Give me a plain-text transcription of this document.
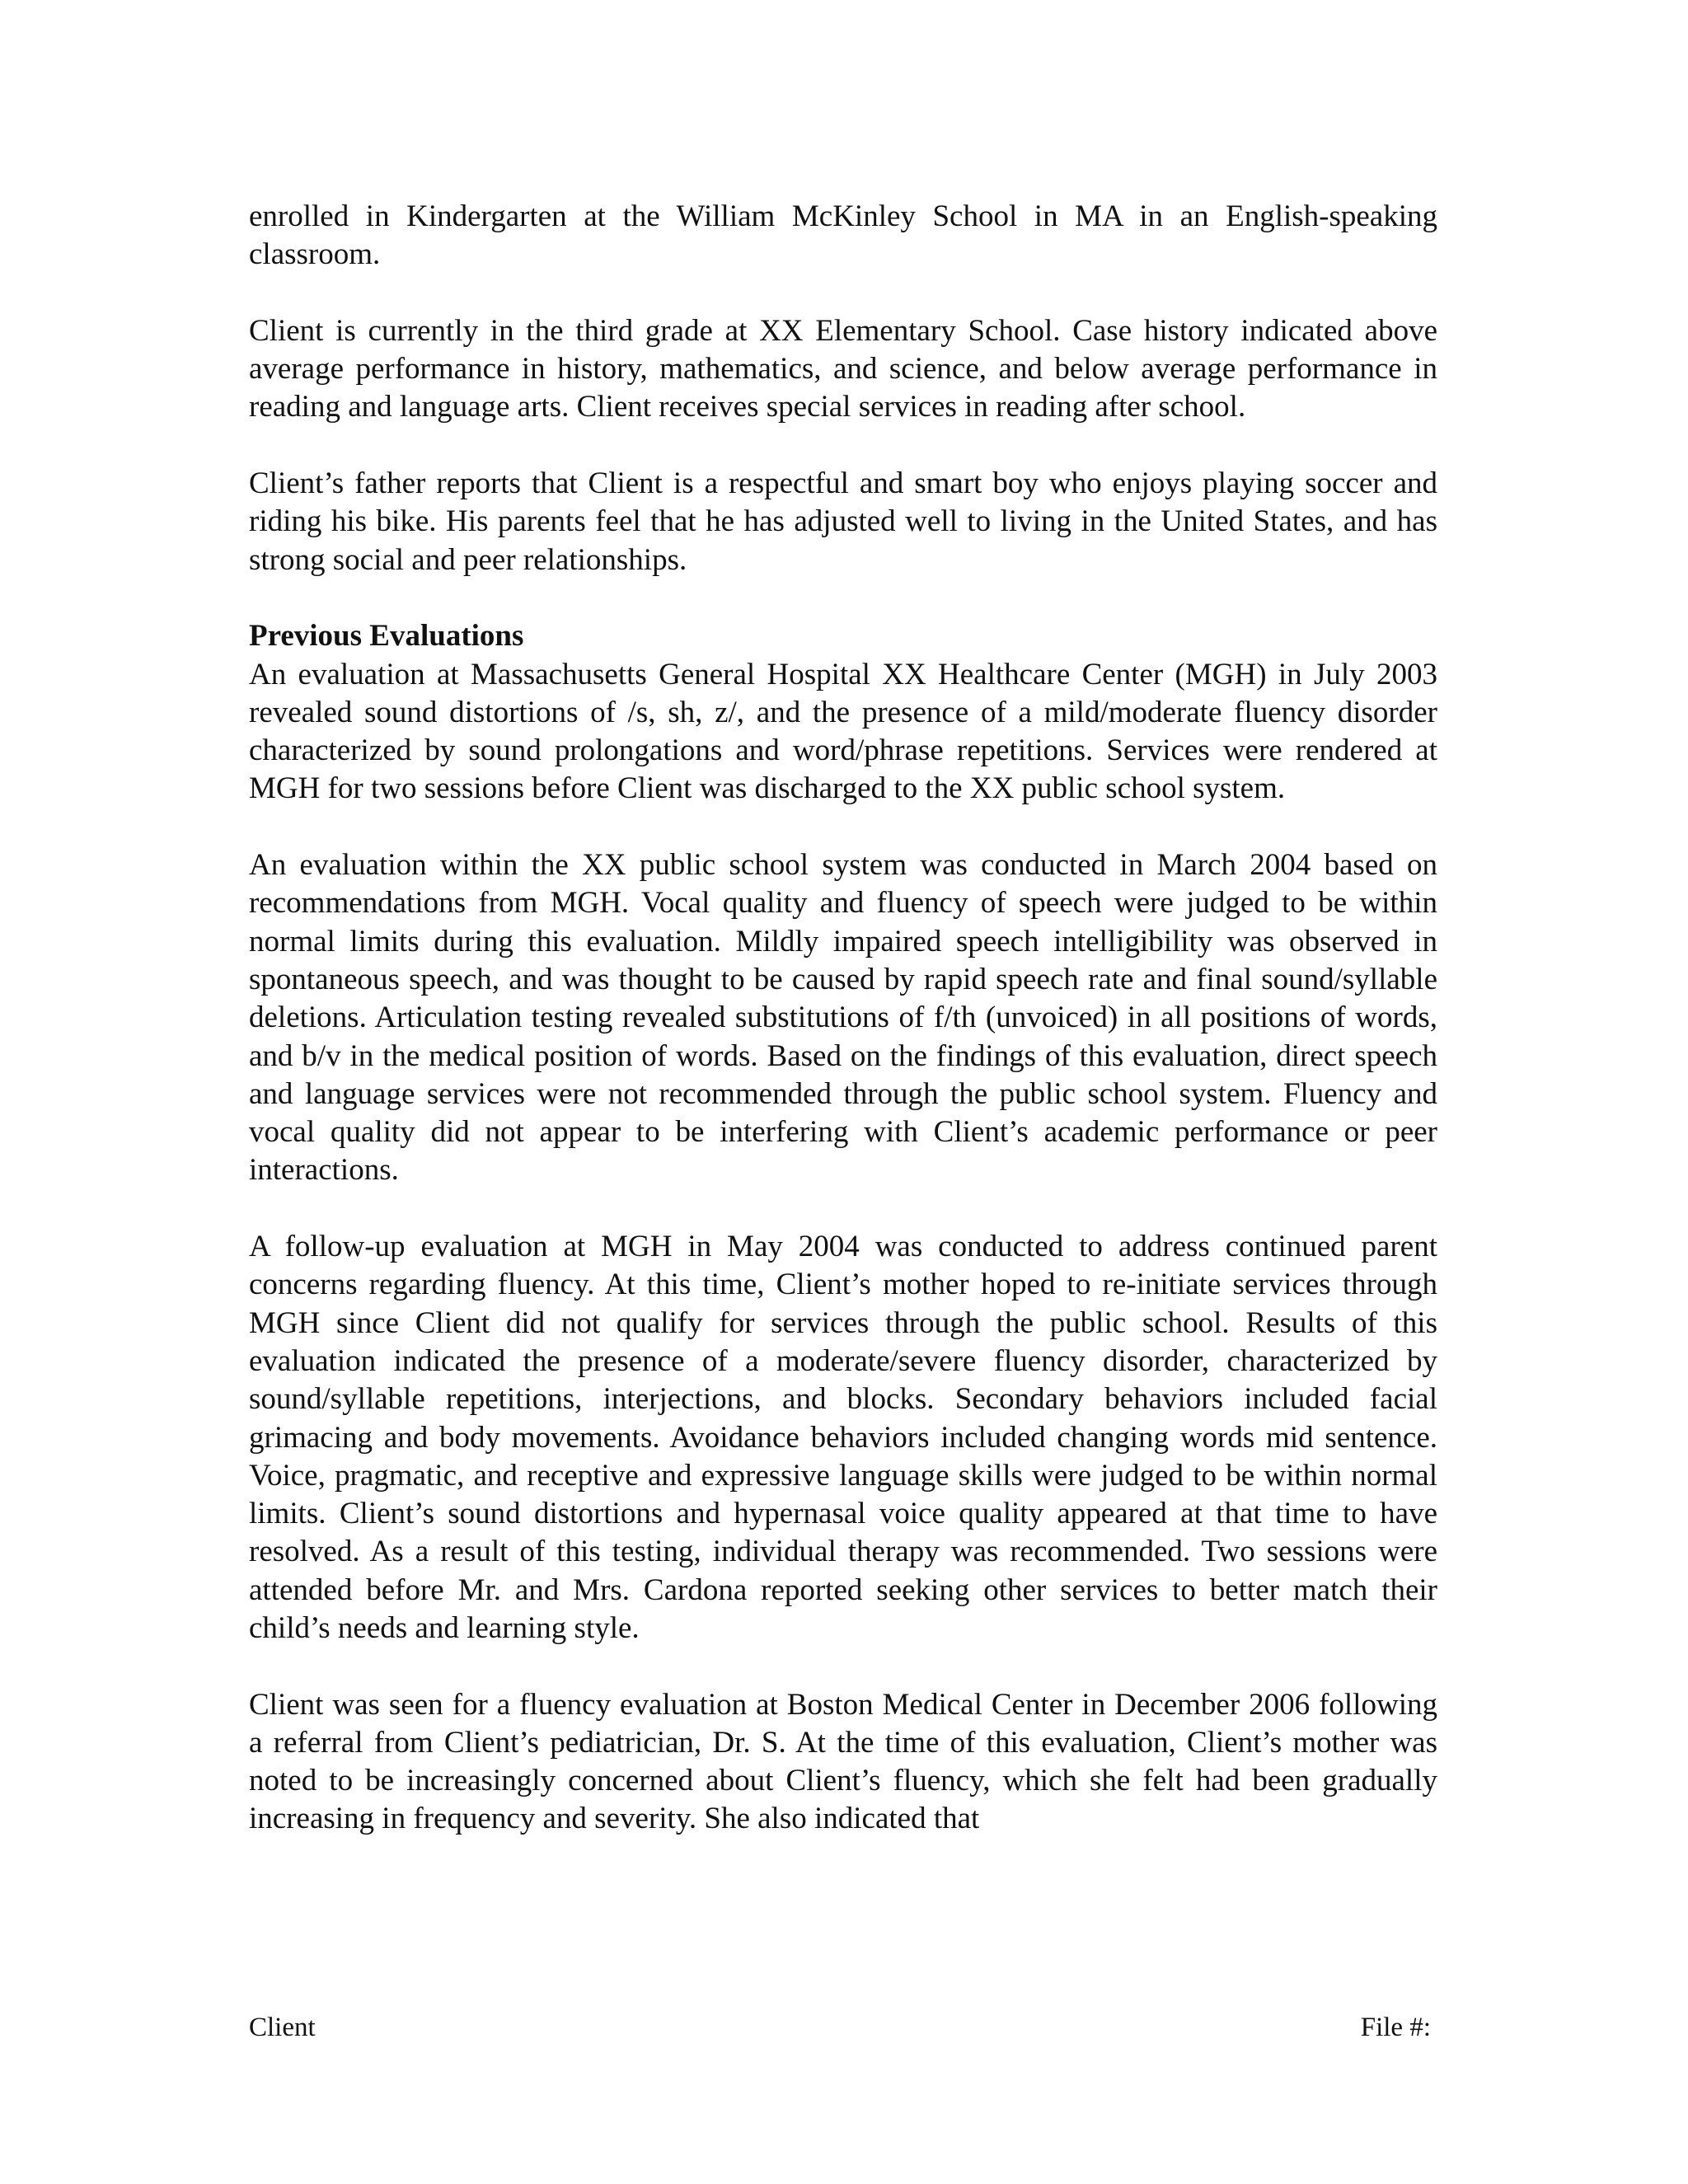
enrolled in Kindergarten at the William McKinley School in MA in an English-speaking classroom.

Client is currently in the third grade at XX Elementary School. Case history indicated above average performance in history, mathematics, and science, and below average performance in reading and language arts. Client receives special services in reading after school.

Client’s father reports that Client is a respectful and smart boy who enjoys playing soccer and riding his bike. His parents feel that he has adjusted well to living in the United States, and has strong social and peer relationships.

Previous Evaluations

An evaluation at Massachusetts General Hospital XX Healthcare Center (MGH) in July 2003 revealed sound distortions of /s, sh, z/, and the presence of a mild/moderate fluency disorder characterized by sound prolongations and word/phrase repetitions. Services were rendered at MGH for two sessions before Client was discharged to the XX public school system.

An evaluation within the XX public school system was conducted in March 2004 based on recommendations from MGH. Vocal quality and fluency of speech were judged to be within normal limits during this evaluation. Mildly impaired speech intelligibility was observed in spontaneous speech, and was thought to be caused by rapid speech rate and final sound/syllable deletions. Articulation testing revealed substitutions of f/th (unvoiced) in all positions of words, and b/v in the medical position of words. Based on the findings of this evaluation, direct speech and language services were not recommended through the public school system. Fluency and vocal quality did not appear to be interfering with Client’s academic performance or peer interactions.

A follow-up evaluation at MGH in May 2004 was conducted to address continued parent concerns regarding fluency. At this time, Client’s mother hoped to re-initiate services through MGH since Client did not qualify for services through the public school. Results of this evaluation indicated the presence of a moderate/severe fluency disorder, characterized by sound/syllable repetitions, interjections, and blocks. Secondary behaviors included facial grimacing and body movements. Avoidance behaviors included changing words mid sentence. Voice, pragmatic, and receptive and expressive language skills were judged to be within normal limits. Client’s sound distortions and hypernasal voice quality appeared at that time to have resolved. As a result of this testing, individual therapy was recommended. Two sessions were attended before Mr. and Mrs. Cardona reported seeking other services to better match their child’s needs and learning style.

Client was seen for a fluency evaluation at Boston Medical Center in December 2006 following a referral from Client’s pediatrician, Dr. S. At the time of this evaluation, Client’s mother was noted to be increasingly concerned about Client’s fluency, which she felt had been gradually increasing in frequency and severity. She also indicated that

Client	File #:
